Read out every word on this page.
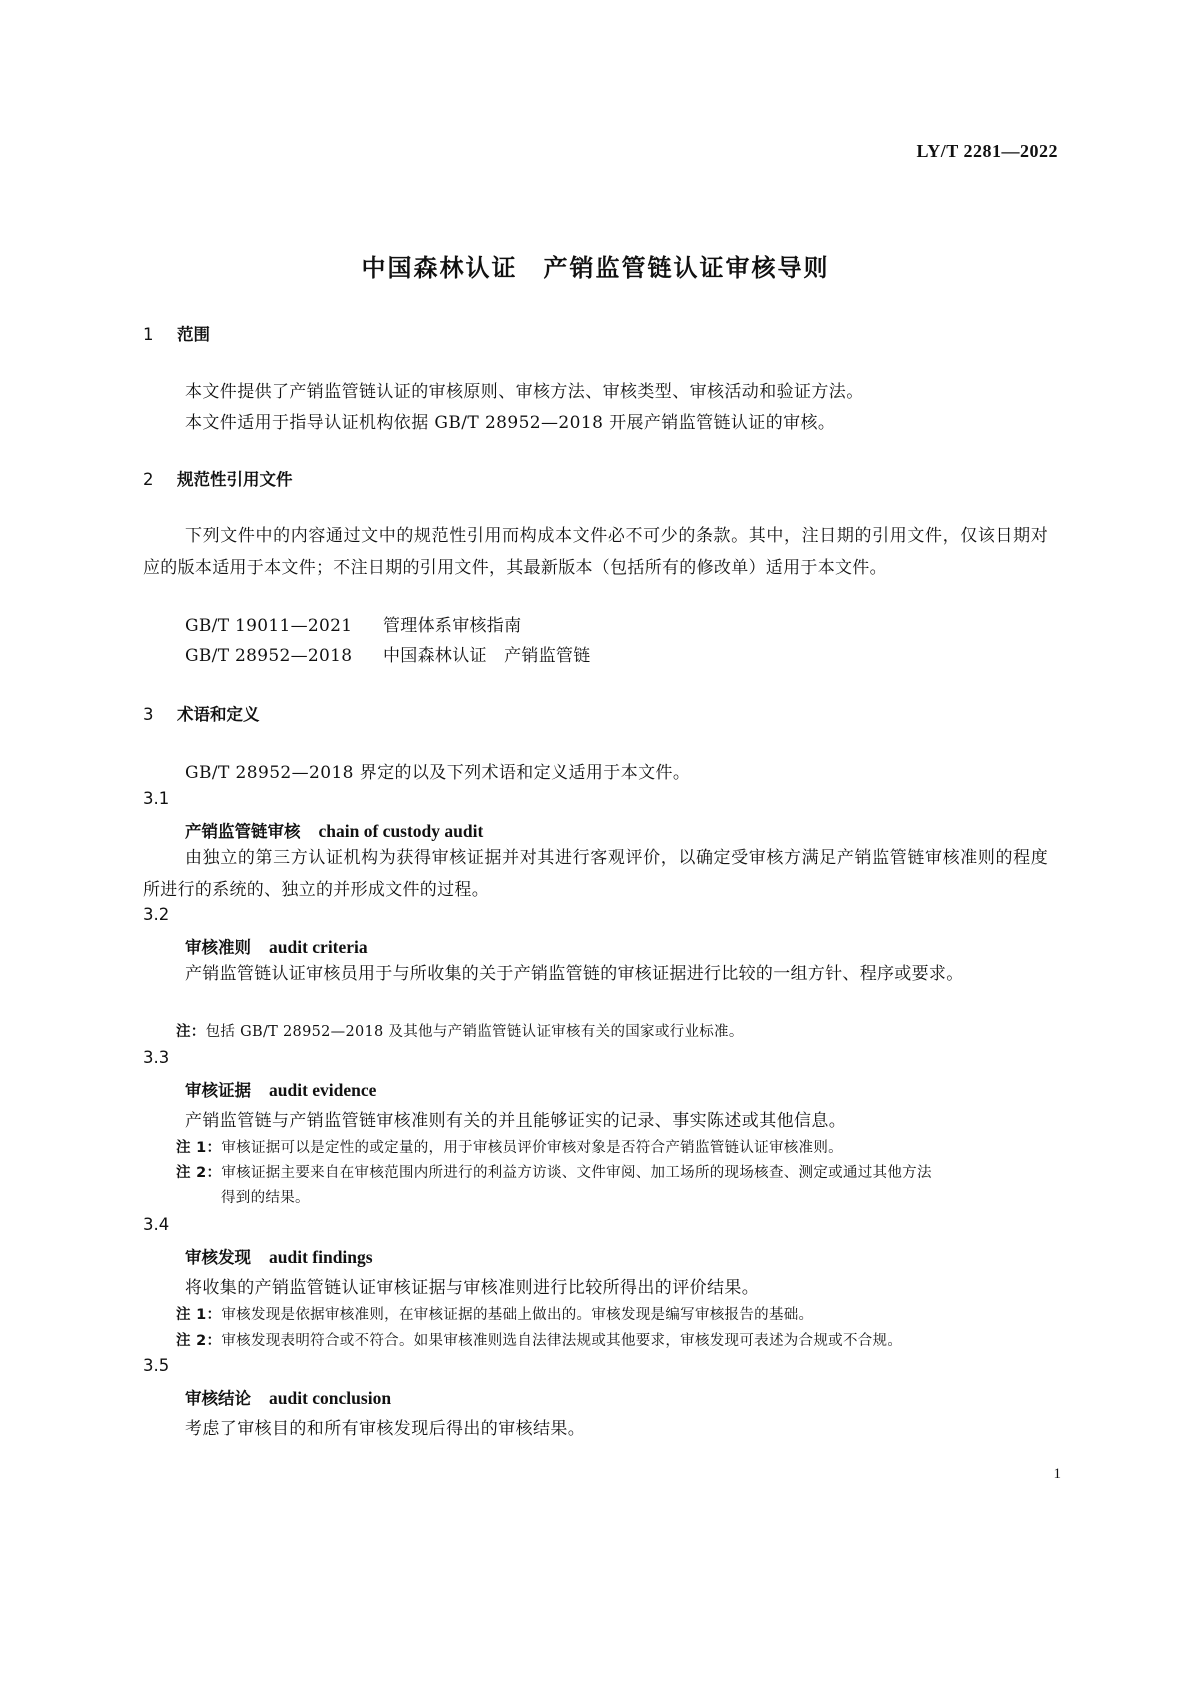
LY/T 2281—2022
中国森林认证　产销监管链认证审核导则
1 范围
本文件提供了产销监管链认证的审核原则、审核方法、审核类型、审核活动和验证方法。
本文件适用于指导认证机构依据 GB/T 28952—2018 开展产销监管链认证的审核。
2 规范性引用文件
下列文件中的内容通过文中的规范性引用而构成本文件必不可少的条款。其中，注日期的引用文件，仅该日期对应的版本适用于本文件；不注日期的引用文件，其最新版本（包括所有的修改单）适用于本文件。
GB/T 19011—2021 管理体系审核指南
GB/T 28952—2018 中国森林认证　产销监管链
3 术语和定义
GB/T 28952—2018 界定的以及下列术语和定义适用于本文件。
3.1
产销监管链审核 chain of custody audit
由独立的第三方认证机构为获得审核证据并对其进行客观评价，以确定受审核方满足产销监管链审核准则的程度所进行的系统的、独立的并形成文件的过程。
3.2
审核准则 audit criteria
产销监管链认证审核员用于与所收集的关于产销监管链的审核证据进行比较的一组方针、程序或要求。
注：包括 GB/T 28952—2018 及其他与产销监管链认证审核有关的国家或行业标准。
3.3
审核证据 audit evidence
产销监管链与产销监管链审核准则有关的并且能够证实的记录、事实陈述或其他信息。
注 1：审核证据可以是定性的或定量的，用于审核员评价审核对象是否符合产销监管链认证审核准则。
注 2：审核证据主要来自在审核范围内所进行的利益方访谈、文件审阅、加工场所的现场核查、测定或通过其他方法
得到的结果。
3.4
审核发现 audit findings
将收集的产销监管链认证审核证据与审核准则进行比较所得出的评价结果。
注 1：审核发现是依据审核准则，在审核证据的基础上做出的。审核发现是编写审核报告的基础。
注 2：审核发现表明符合或不符合。如果审核准则选自法律法规或其他要求，审核发现可表述为合规或不合规。
3.5
审核结论 audit conclusion
考虑了审核目的和所有审核发现后得出的审核结果。
1
